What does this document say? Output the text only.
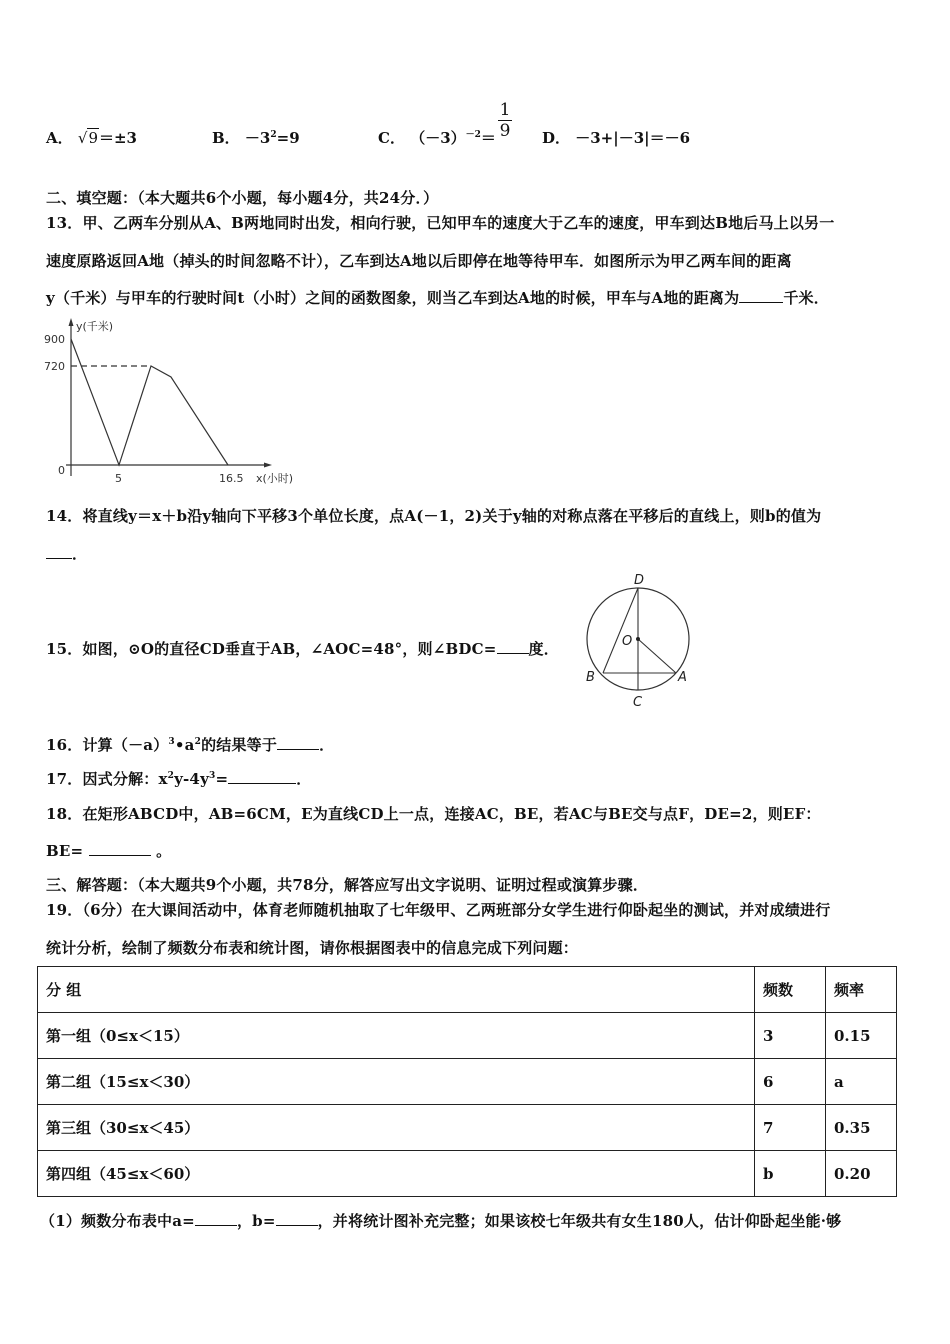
A． √9＝±3	B． $-3^2=9$	C． $(-3)^{-2}= \frac{1}{9}$ D． －3+|－3|＝－6
二、填空题：（本大题共6个小题，每小题4分，共24分．）
13．甲、乙两车分别从A、B两地同时出发，相向行驶，已知甲车的速度大于乙车的速度，甲车到达B地后马上以另一
速度原路返回A地（掉头的时间忽略不计），乙车到达A地以后即停在地等待甲车．如图所示为甲乙两车间的距离
y（千米）与甲车的行驶时间t（小时）之间的函数图象，则当乙车到达A地的时候，甲车与A地的距离为	千米．
y(千米)
900
720
0
5	16.5 x(小时)
14．将直线y＝x＋b沿y轴向下平移3个单位长度，点A(－1，2)关于y轴的对称点落在平移后的直线上，则b的值为
．
15．如图，⊙O的直径CD垂直于AB，∠AOC=48°，则∠BDC= 度．
D
O
B	A
C
16．计算$(-a)^3•a^2$的结果等于	．
17．因式分解：$x^2y-4y^3=$	．
18．在矩形ABCD中，AB=6CM，E为直线CD上一点，连接AC，BE，若AC与BE交与点F，DE=2，则EF：
BE=	。
三、解答题：（本大题共9个小题，共78分，解答应写出文字说明、证明过程或演算步骤．
19．（6分）在大课间活动中，体育老师随机抽取了七年级甲、乙两班部分女学生进行仰卧起坐的测试，并对成绩进行
统计分析，绘制了频数分布表和统计图，请你根据图表中的信息完成下列问题：
分 组	频数	频率
第一组（0≤x＜15）	3	0.15
第二组（15≤x＜30）	6	a
第三组（30≤x＜45）	7	0.35
第四组（45≤x＜60）	b	0.20
（1）频数分布表中a=	，b=	，并将统计图补充完整；如果该校七年级共有女生180人，估计仰卧起坐能·够
